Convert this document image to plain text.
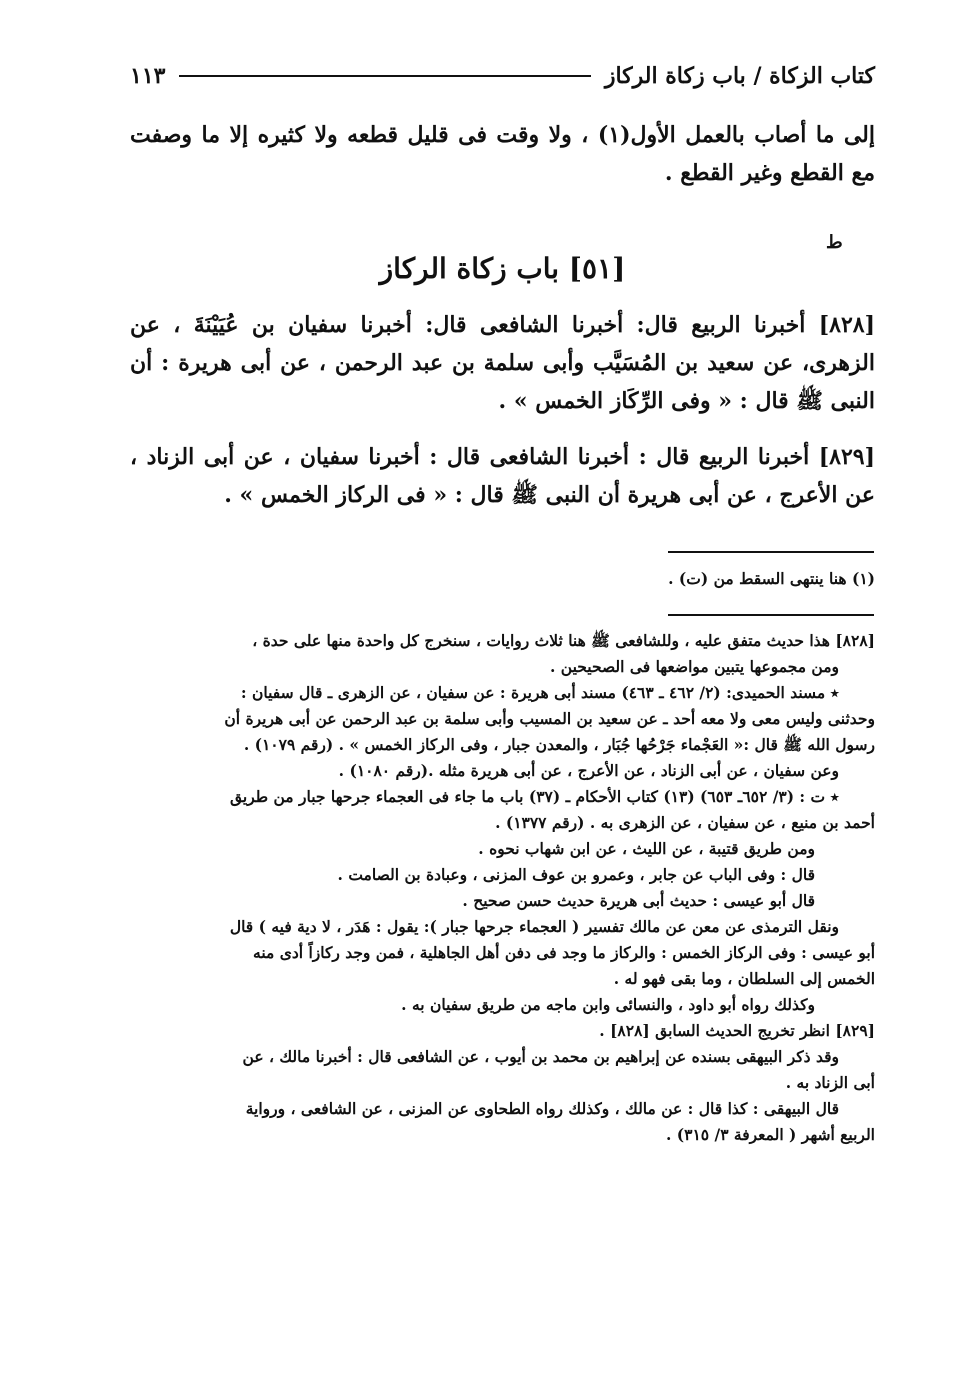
كتاب الزكاة / باب زكاة الركاز
١١٣
إلى ما أصاب بالعمل الأول(١) ، ولا وقت فى قليل قطعه ولا كثيره إلا ما وصفت مع القطع وغير القطع .
ط
[٥١] باب زكاة الركاز
[٨٢٨] أخبرنا الربيع قال: أخبرنا الشافعى قال: أخبرنا سفيان بن عُيَيْنَةَ ، عن الزهرى، عن سعيد بن المُسَيَّب وأبى سلمة بن عبد الرحمن ، عن أبى هريرة : أن النبى ﷺ قال : « وفى الرِّكَاز الخمس » .
[٨٢٩] أخبرنا الربيع قال : أخبرنا الشافعى قال : أخبرنا سفيان ، عن أبى الزناد ، عن الأعرج ، عن أبى هريرة أن النبى ﷺ قال : « فى الركاز الخمس » .
(١) هنا ينتهى السقط من (ت) .
[٨٢٨] هذا حديث متفق عليه ، وللشافعى ﷺ هنا ثلاث روايات ، سنخرج كل واحدة منها على حدة ،
ومن مجموعها يتبين مواضعها فى الصحيحين .
٭ مسند الحميدى: (٢/ ٤٦٢ ـ ٤٦٣) مسند أبى هريرة : عن سفيان ، عن الزهرى ـ قال سفيان :
وحدثنى وليس معى ولا معه أحد ـ عن سعيد بن المسيب وأبى سلمة بن عبد الرحمن عن أبى هريرة أن
رسول الله ﷺ قال :« العَجْماء جَرْحُها جُبَار ، والمعدن جبار ، وفى الركاز الخمس » . (رقم ١٠٧٩) .
وعن سفيان ، عن أبى الزناد ، عن الأعرج ، عن أبى هريرة مثله .(رقم ١٠٨٠) .
٭ ت : (٣/ ٦٥٢ـ ٦٥٣) (١٣) كتاب الأحكام ـ (٣٧) باب ما جاء فى العجماء جرحها جبار من طريق
أحمد بن منيع ، عن سفيان ، عن الزهرى به . (رقم ١٣٧٧) .
ومن طريق قتيبة ، عن الليث ، عن ابن شهاب نحوه .
قال : وفى الباب عن جابر ، وعمرو بن عوف المزنى ، وعبادة بن الصامت .
قال أبو عيسى : حديث أبى هريرة حديث حسن صحيح .
ونقل الترمذى عن معن عن مالك تفسير ( العجماء جرحها جبار ): يقول : هَدَر ، لا دية فيه ) قال
أبو عيسى : وفى الركاز الخمس : والركاز ما وجد فى دفن أهل الجاهلية ، فمن وجد ركازاً أدى منه
الخمس إلى السلطان ، وما بقى فهو له .
وكذلك رواه أبو داود ، والنسائى وابن ماجه من طريق سفيان به .
[٨٢٩] انظر تخريج الحديث السابق [٨٢٨] .
وقد ذكر البيهقى بسنده عن إبراهيم بن محمد بن أيوب ، عن الشافعى قال : أخبرنا مالك ، عن
أبى الزناد به .
قال البيهقى : كذا قال : عن مالك ، وكذلك رواه الطحاوى عن المزنى ، عن الشافعى ، ورواية
الربيع أشهر ( المعرفة ٣/ ٣١٥) .
